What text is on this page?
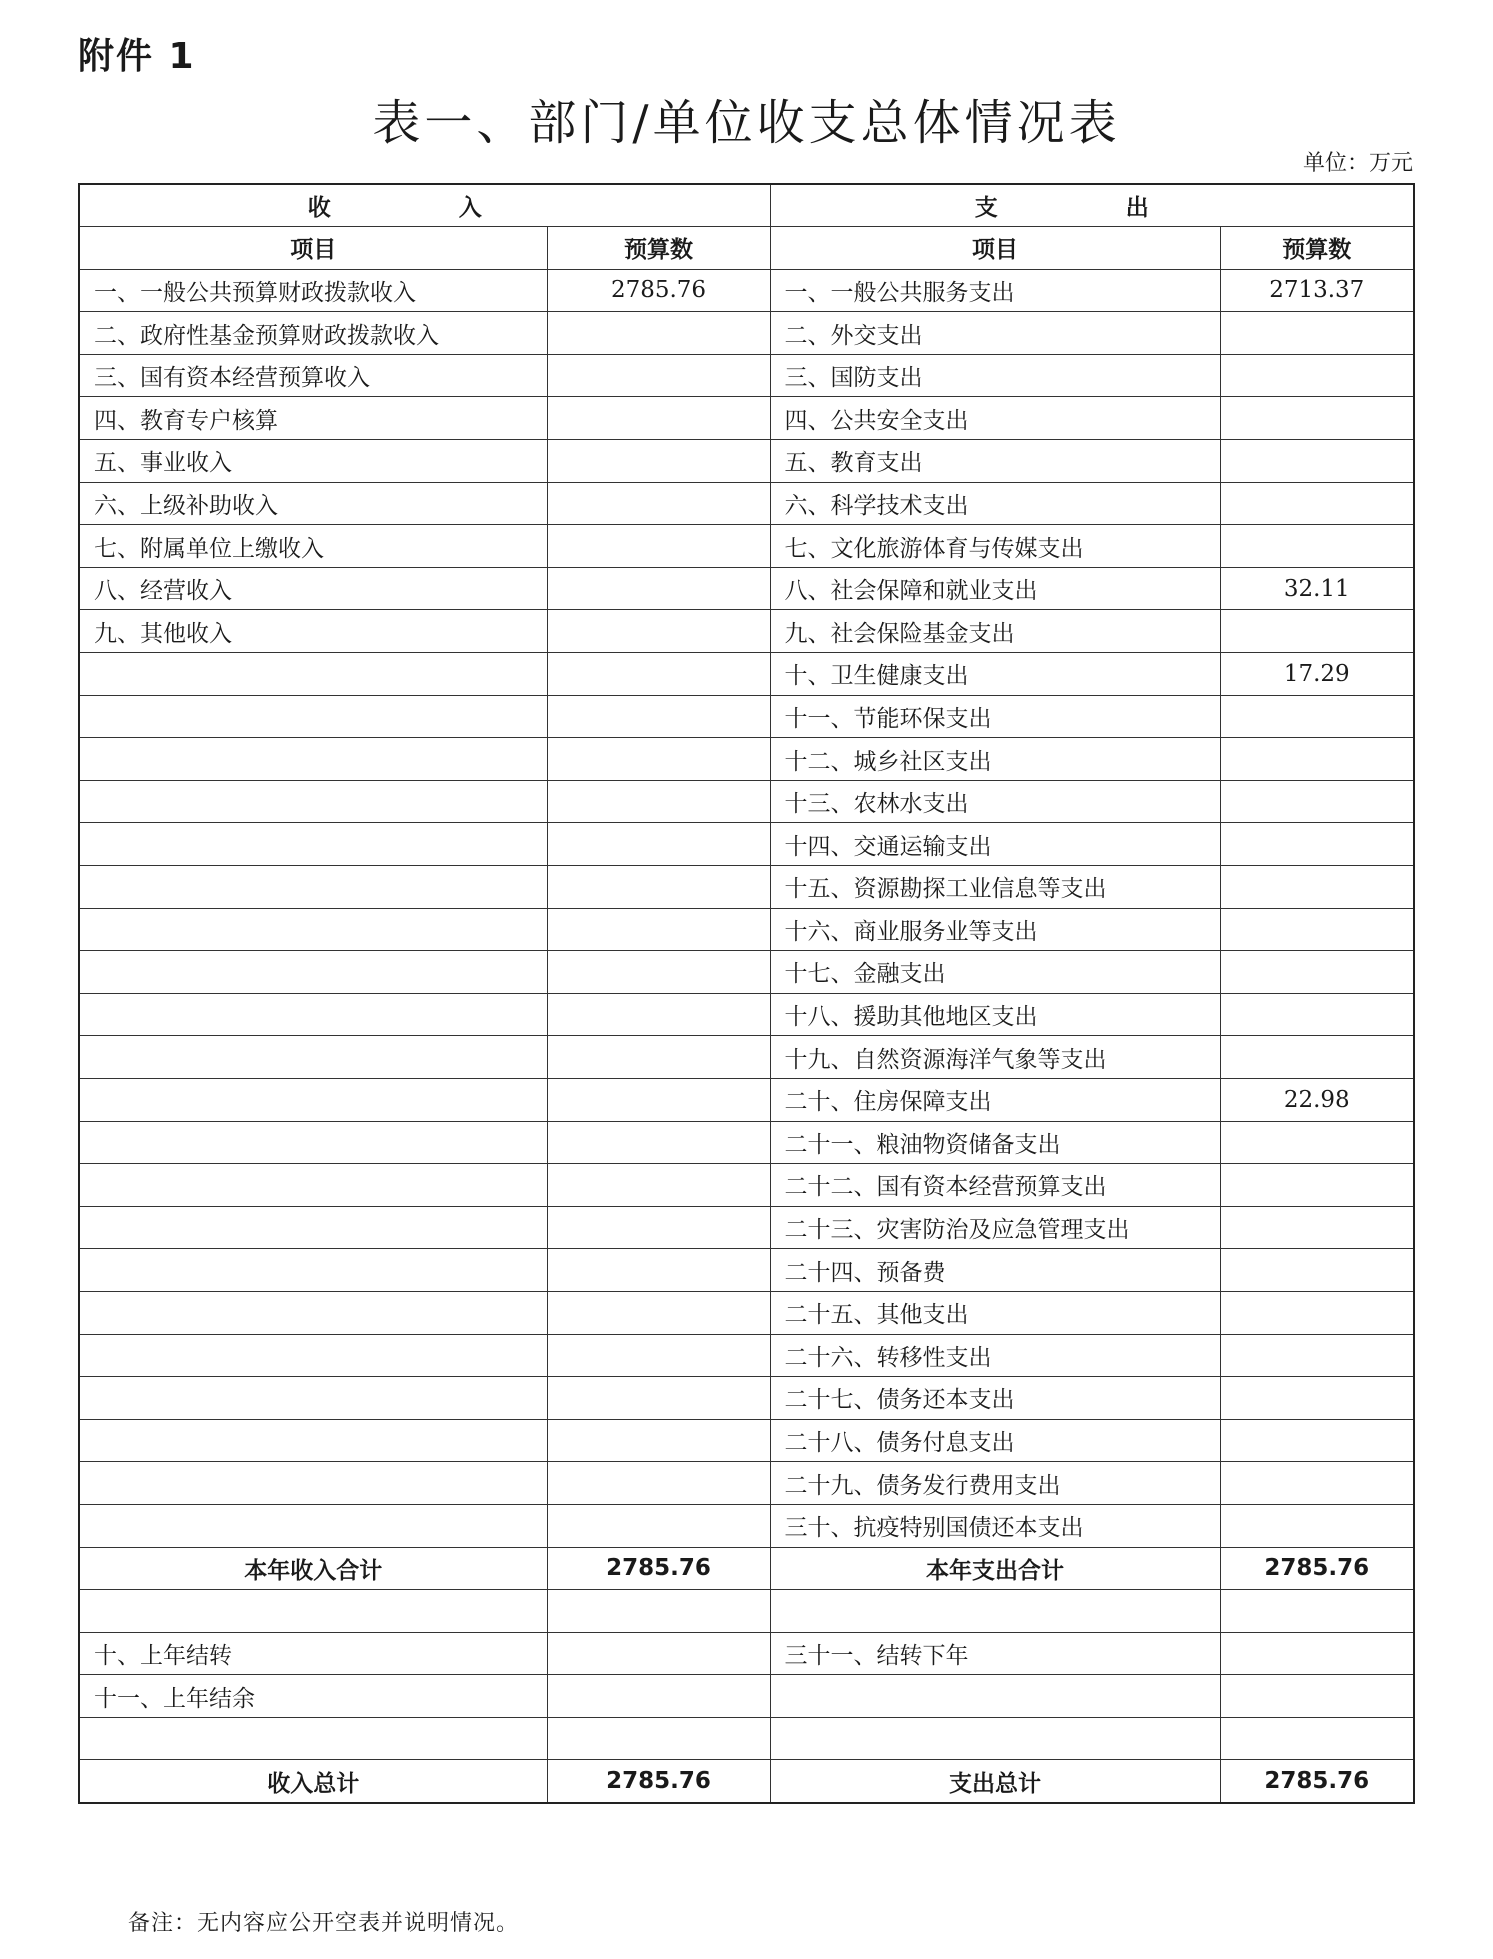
附件 1
表一、部门/单位收支总体情况表
单位：万元
收 入		支 出	
项目	预算数	项目	预算数
一、一般公共预算财政拨款收入	2785.76	一、一般公共服务支出	2713.37
二、政府性基金预算财政拨款收入		二、外交支出	
三、国有资本经营预算收入		三、国防支出	
四、教育专户核算		四、公共安全支出	
五、事业收入		五、教育支出	
六、上级补助收入		六、科学技术支出	
七、附属单位上缴收入		七、文化旅游体育与传媒支出	
八、经营收入		八、社会保障和就业支出	32.11
九、其他收入		九、社会保险基金支出	
		十、卫生健康支出	17.29
		十一、节能环保支出	
		十二、城乡社区支出	
		十三、农林水支出	
		十四、交通运输支出	
		十五、资源勘探工业信息等支出	
		十六、商业服务业等支出	
		十七、金融支出	
		十八、援助其他地区支出	
		十九、自然资源海洋气象等支出	
		二十、住房保障支出	22.98
		二十一、粮油物资储备支出	
		二十二、国有资本经营预算支出	
		二十三、灾害防治及应急管理支出	
		二十四、预备费	
		二十五、其他支出	
		二十六、转移性支出	
		二十七、债务还本支出	
		二十八、债务付息支出	
		二十九、债务发行费用支出	
		三十、抗疫特别国债还本支出	
本年收入合计	2785.76	本年支出合计	2785.76

十、上年结转		三十一、结转下年	
十一、上年结余			

收入总计	2785.76	支出总计	2785.76
备注：无内容应公开空表并说明情况。
